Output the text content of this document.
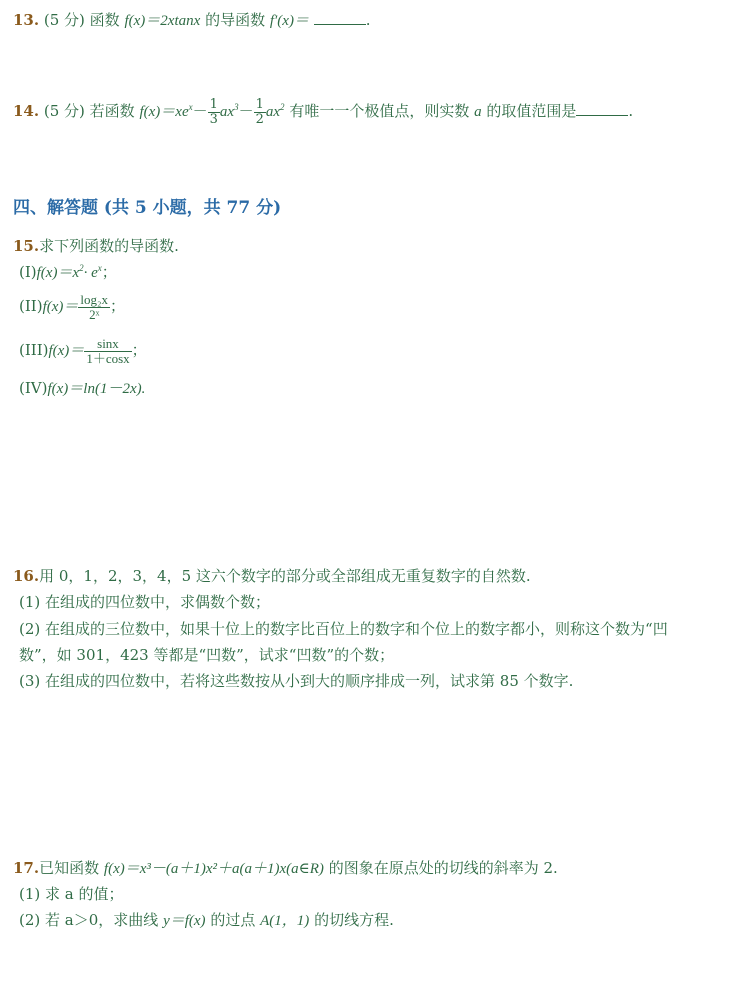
13. (5 分) 函数 f(x)＝2xtanx 的导函数 f′(x)＝	.
14. (5 分) 若函数 $f(x)=xe^x- \frac{1}{3} ax^3- \frac{1}{2} ax^2$ 有唯一一个极值点，则实数 a 的取值范围是	.
四、解答题 (共 5 小题，共 77 分)
15.求下列函数的导函数.
$(I)f(x)=x^2\cdot e^x$；
$(II)f(x)= \frac{\text{log₂x}}{\text{2ˣ}}$ ；
$(III)f(x)= \frac{\sin x}{1+\cos x}$ ；
(IV)f(x)＝ln(1－2x).
16.用 0，1，2，3，4，5 这六个数字的部分或全部组成无重复数字的自然数.
(1) 在组成的四位数中，求偶数个数；
(2) 在组成的三位数中，如果十位上的数字比百位上的数字和个位上的数字都小，则称这个数为“凹
数”，如 301，423 等都是“凹数”，试求“凹数”的个数；
(3) 在组成的四位数中，若将这些数按从小到大的顺序排成一列，试求第 85 个数字.
17.已知函数 f(x)＝x³－(a＋1)x²＋a(a＋1)x(a∈R) 的图象在原点处的切线的斜率为 2.
(1) 求 a 的值；
(2) 若 a＞0，求曲线 y＝f(x) 的过点 A(1，1) 的切线方程.
